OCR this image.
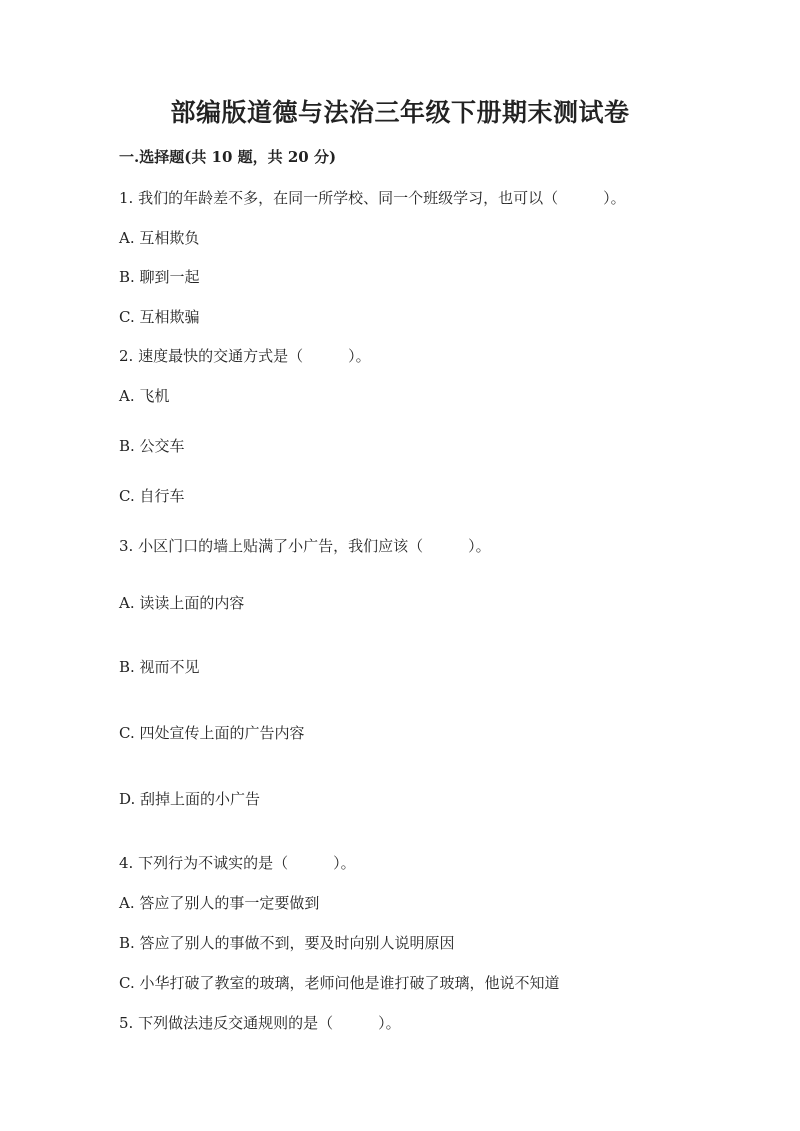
部编版道德与法治三年级下册期末测试卷
一.选择题(共 10 题，共 20 分)
1. 我们的年龄差不多，在同一所学校、同一个班级学习，也可以（　　　）。
A. 互相欺负
B. 聊到一起
C. 互相欺骗
2. 速度最快的交通方式是（　　　）。
A. 飞机
B. 公交车
C. 自行车
3. 小区门口的墙上贴满了小广告，我们应该（　　　）。
A. 读读上面的内容
B. 视而不见
C. 四处宣传上面的广告内容
D. 刮掉上面的小广告
4. 下列行为不诚实的是（　　　）。
A. 答应了别人的事一定要做到
B. 答应了别人的事做不到，要及时向别人说明原因
C. 小华打破了教室的玻璃，老师问他是谁打破了玻璃，他说不知道
5. 下列做法违反交通规则的是（　　　）。
